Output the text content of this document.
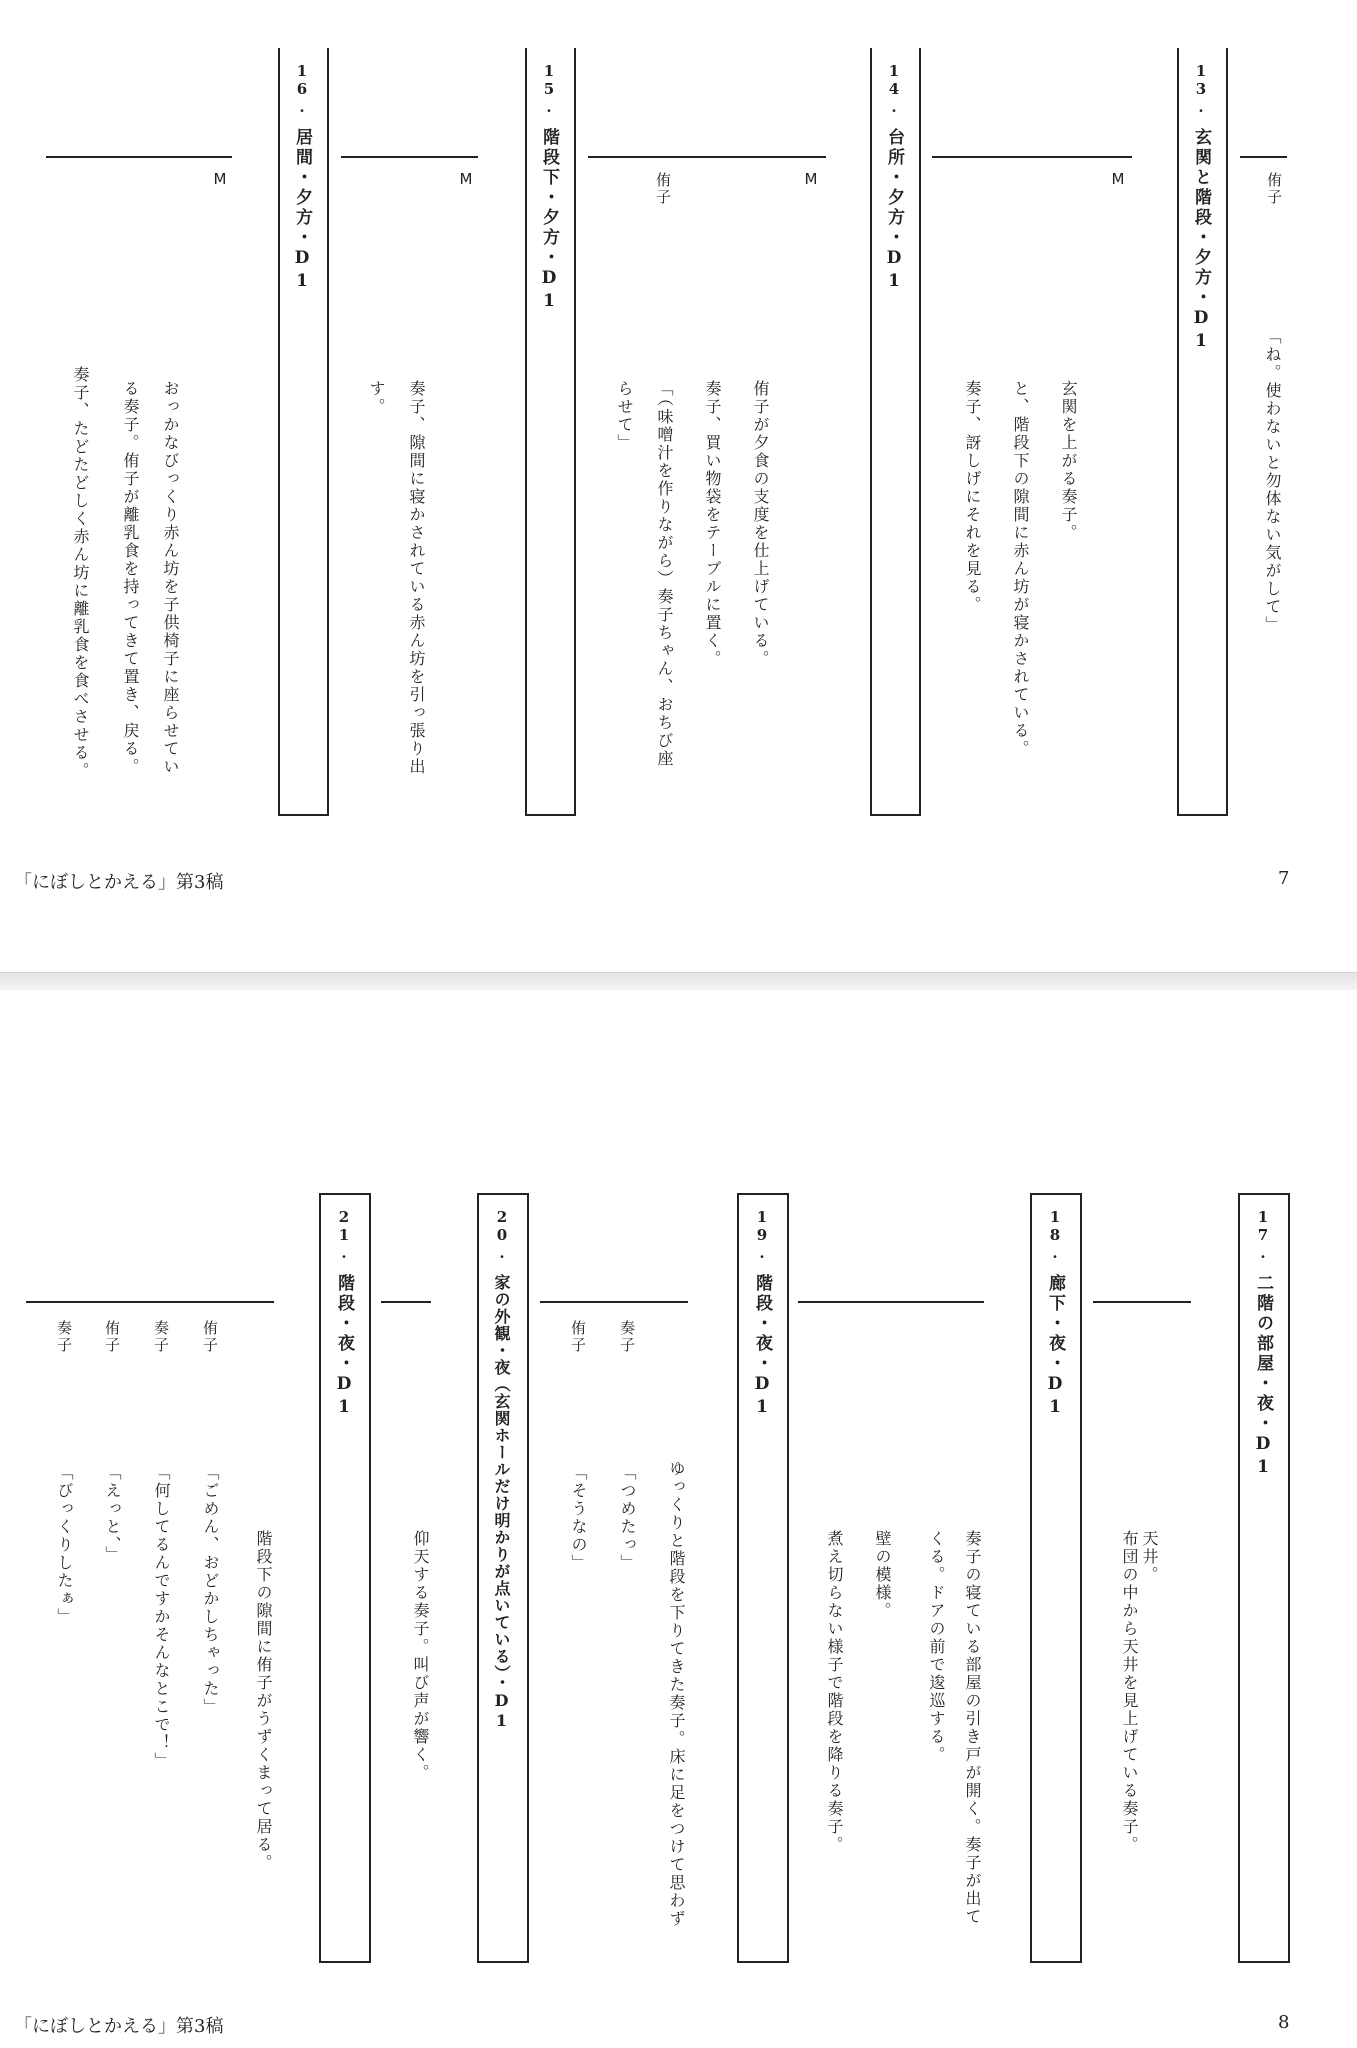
侑子
「ね。使わないと勿体ない気がして」
13.
玄関と階段・夕方・D1
M
玄関を上がる奏子。
と、階段下の隙間に赤ん坊が寝かされている。
奏子、訝しげにそれを見る。
14.
台所・夕方・D1
M
侑子が夕食の支度を仕上げている。
奏子、買い物袋をテーブルに置く。
侑子
「（味噌汁を作りながら）奏子ちゃん、おちび座
らせて」
15.
階段下・夕方・D1
M
奏子、隙間に寝かされている赤ん坊を引っ張り出
す。
16.
居間・夕方・D1
M
おっかなびっくり赤ん坊を子供椅子に座らせてい
る奏子。侑子が離乳食を持ってきて置き、戻る。
奏子、たどたどしく赤ん坊に離乳食を食べさせる。
「にぼしとかえる」第3稿	7
17.
二階の部屋・夜・D1
天井。
布団の中から天井を見上げている奏子。
18.
廊下・夜・D1
奏子の寝ている部屋の引き戸が開く。奏子が出て
くる。ドアの前で逡巡する。
壁の模様。
煮え切らない様子で階段を降りる奏子。
19.
階段・夜・D1
ゆっくりと階段を下りてきた奏子。床に足をつけて思わず
奏子
「つめたっ」
侑子
「そうなの」
20.
家の外観・夜（玄関ホールだけ明かりが点いている）・D1
仰天する奏子。叫び声が響く。
21.
階段・夜・D1
階段下の隙間に侑子がうずくまって居る。
侑子
「ごめん、おどかしちゃった」
奏子
「何してるんですかそんなとこで！」
侑子
「えっと、」
奏子
「びっくりしたぁ」
「にぼしとかえる」第3稿	8
